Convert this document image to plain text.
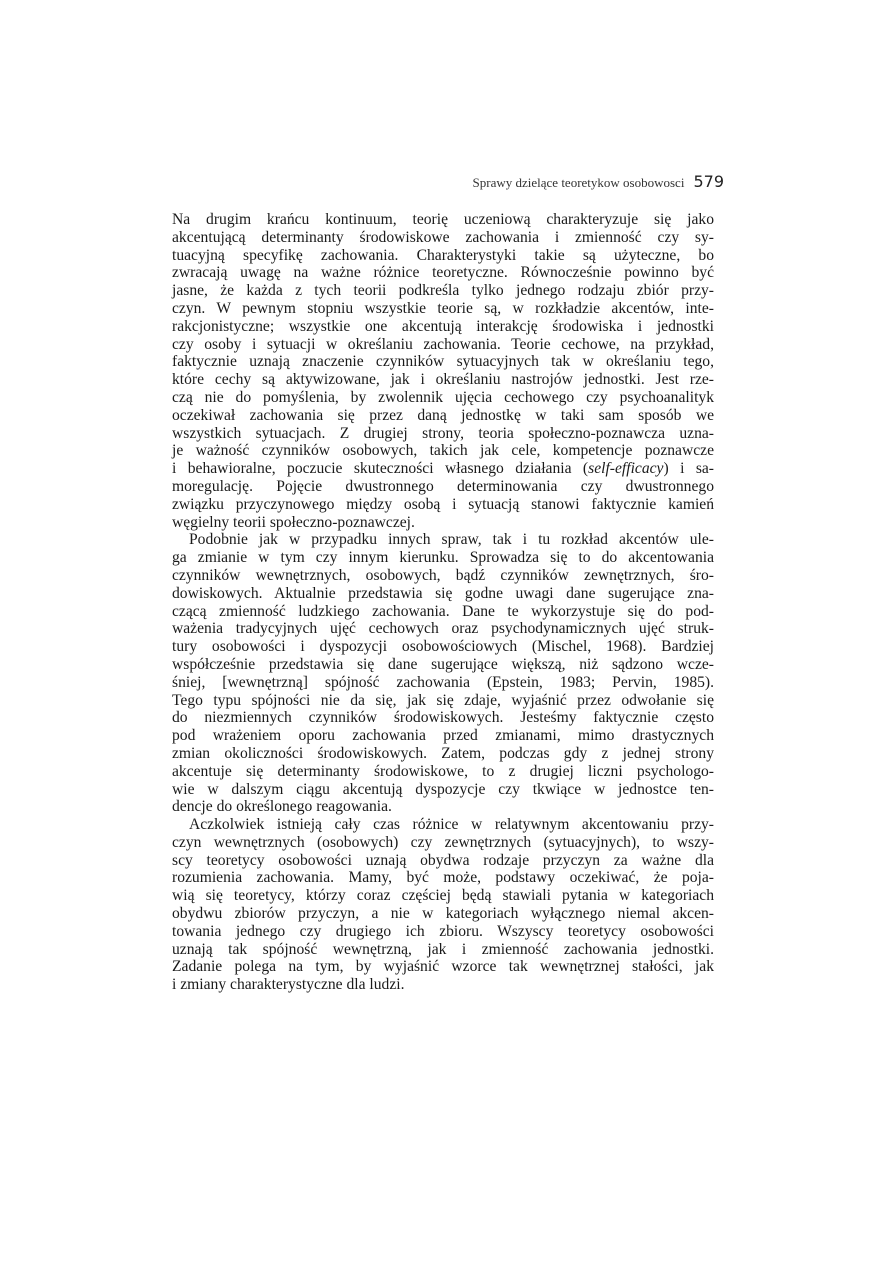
Sprawy dzielące teoretykow osobowosci 579
Na drugim krańcu kontinuum, teorię uczeniową charakteryzuje się jako
akcentującą determinanty środowiskowe zachowania i zmienność czy sy-
tuacyjną specyfikę zachowania. Charakterystyki takie są użyteczne, bo
zwracają uwagę na ważne różnice teoretyczne. Równocześnie powinno być
jasne, że każda z tych teorii podkreśla tylko jednego rodzaju zbiór przy-
czyn. W pewnym stopniu wszystkie teorie są, w rozkładzie akcentów, inte-
rakcjonistyczne; wszystkie one akcentują interakcję środowiska i jednostki
czy osoby i sytuacji w określaniu zachowania. Teorie cechowe, na przykład,
faktycznie uznają znaczenie czynników sytuacyjnych tak w określaniu tego,
które cechy są aktywizowane, jak i określaniu nastrojów jednostki. Jest rze-
czą nie do pomyślenia, by zwolennik ujęcia cechowego czy psychoanalityk
oczekiwał zachowania się przez daną jednostkę w taki sam sposób we
wszystkich sytuacjach. Z drugiej strony, teoria społeczno-poznawcza uzna-
je ważność czynników osobowych, takich jak cele, kompetencje poznawcze
i behawioralne, poczucie skuteczności własnego działania (self-efficacy) i sa-
moregulację. Pojęcie dwustronnego determinowania czy dwustronnego
związku przyczynowego między osobą i sytuacją stanowi faktycznie kamień
węgielny teorii społeczno-poznawczej.
Podobnie jak w przypadku innych spraw, tak i tu rozkład akcentów ule-
ga zmianie w tym czy innym kierunku. Sprowadza się to do akcentowania
czynników wewnętrznych, osobowych, bądź czynników zewnętrznych, śro-
dowiskowych. Aktualnie przedstawia się godne uwagi dane sugerujące zna-
czącą zmienność ludzkiego zachowania. Dane te wykorzystuje się do pod-
ważenia tradycyjnych ujęć cechowych oraz psychodynamicznych ujęć struk-
tury osobowości i dyspozycji osobowościowych (Mischel, 1968). Bardziej
współcześnie przedstawia się dane sugerujące większą, niż sądzono wcze-
śniej, [wewnętrzną] spójność zachowania (Epstein, 1983; Pervin, 1985).
Tego typu spójności nie da się, jak się zdaje, wyjaśnić przez odwołanie się
do niezmiennych czynników środowiskowych. Jesteśmy faktycznie często
pod wrażeniem oporu zachowania przed zmianami, mimo drastycznych
zmian okoliczności środowiskowych. Zatem, podczas gdy z jednej strony
akcentuje się determinanty środowiskowe, to z drugiej liczni psychologo-
wie w dalszym ciągu akcentują dyspozycje czy tkwiące w jednostce ten-
dencje do określonego reagowania.
Aczkolwiek istnieją cały czas różnice w relatywnym akcentowaniu przy-
czyn wewnętrznych (osobowych) czy zewnętrznych (sytuacyjnych), to wszy-
scy teoretycy osobowości uznają obydwa rodzaje przyczyn za ważne dla
rozumienia zachowania. Mamy, być może, podstawy oczekiwać, że poja-
wią się teoretycy, którzy coraz częściej będą stawiali pytania w kategoriach
obydwu zbiorów przyczyn, a nie w kategoriach wyłącznego niemal akcen-
towania jednego czy drugiego ich zbioru. Wszyscy teoretycy osobowości
uznają tak spójność wewnętrzną, jak i zmienność zachowania jednostki.
Zadanie polega na tym, by wyjaśnić wzorce tak wewnętrznej stałości, jak
i zmiany charakterystyczne dla ludzi.
